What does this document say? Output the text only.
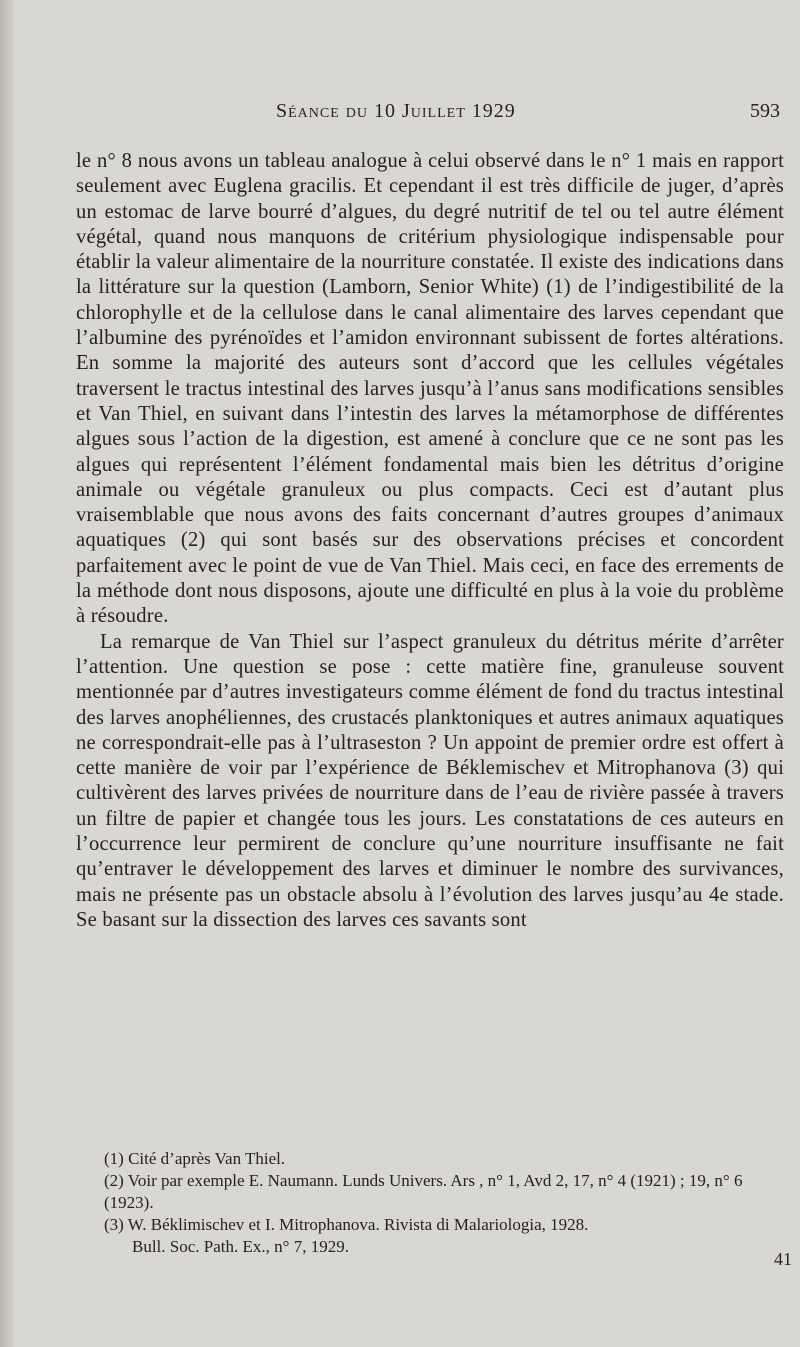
Séance du 10 Juillet 1929	593

le n° 8 nous avons un tableau analogue à celui observé dans le n° 1 mais en rapport seulement avec Euglena gracilis. Et cependant il est très difficile de juger, d’après un estomac de larve bourré d’algues, du degré nutritif de tel ou tel autre élément végétal, quand nous manquons de critérium physiologique indispensable pour établir la valeur alimentaire de la nourriture constatée. Il existe des indications dans la littérature sur la question (Lamborn, Senior White) (1) de l’indigestibilité de la chlorophylle et de la cellulose dans le canal alimentaire des larves cependant que l’albumine des pyrénoïdes et l’amidon environnant subissent de fortes altérations. En somme la majorité des auteurs sont d’accord que les cellules végétales traversent le tractus intestinal des larves jusqu’à l’anus sans modifications sensibles et Van Thiel, en suivant dans l’intestin des larves la métamorphose de différentes algues sous l’action de la digestion, est amené à conclure que ce ne sont pas les algues qui représentent l’élément fondamental mais bien les détritus d’origine animale ou végétale granuleux ou plus compacts. Ceci est d’autant plus vraisemblable que nous avons des faits concernant d’autres groupes d’animaux aquatiques (2) qui sont basés sur des observations précises et concordent parfaitement avec le point de vue de Van Thiel. Mais ceci, en face des errements de la méthode dont nous disposons, ajoute une difficulté en plus à la voie du problème à résoudre.

La remarque de Van Thiel sur l’aspect granuleux du détritus mérite d’arrêter l’attention. Une question se pose : cette matière fine, granuleuse souvent mentionnée par d’autres investigateurs comme élément de fond du tractus intestinal des larves anophéliennes, des crustacés planktoniques et autres animaux aquatiques ne correspondrait-elle pas à l’ultraseston ? Un appoint de premier ordre est offert à cette manière de voir par l’expérience de Béklemischev et Mitrophanova (3) qui cultivèrent des larves privées de nourriture dans de l’eau de rivière passée à travers un filtre de papier et changée tous les jours. Les constatations de ces auteurs en l’occurrence leur permirent de conclure qu’une nourriture insuffisante ne fait qu’entraver le développement des larves et diminuer le nombre des survivances, mais ne présente pas un obstacle absolu à l’évolution des larves jusqu’au 4e stade. Se basant sur la dissection des larves ces savants sont

(1) Cité d’après Van Thiel.

(2) Voir par exemple E. Naumann. Lunds Univers. Ars , n° 1, Avd 2, 17, n° 4 (1921) ; 19, n° 6 (1923).

(3) W. Béklimischev et I. Mitrophanova. Rivista di Malariologia, 1928.

Bull. Soc. Path. Ex., n° 7, 1929.

41
